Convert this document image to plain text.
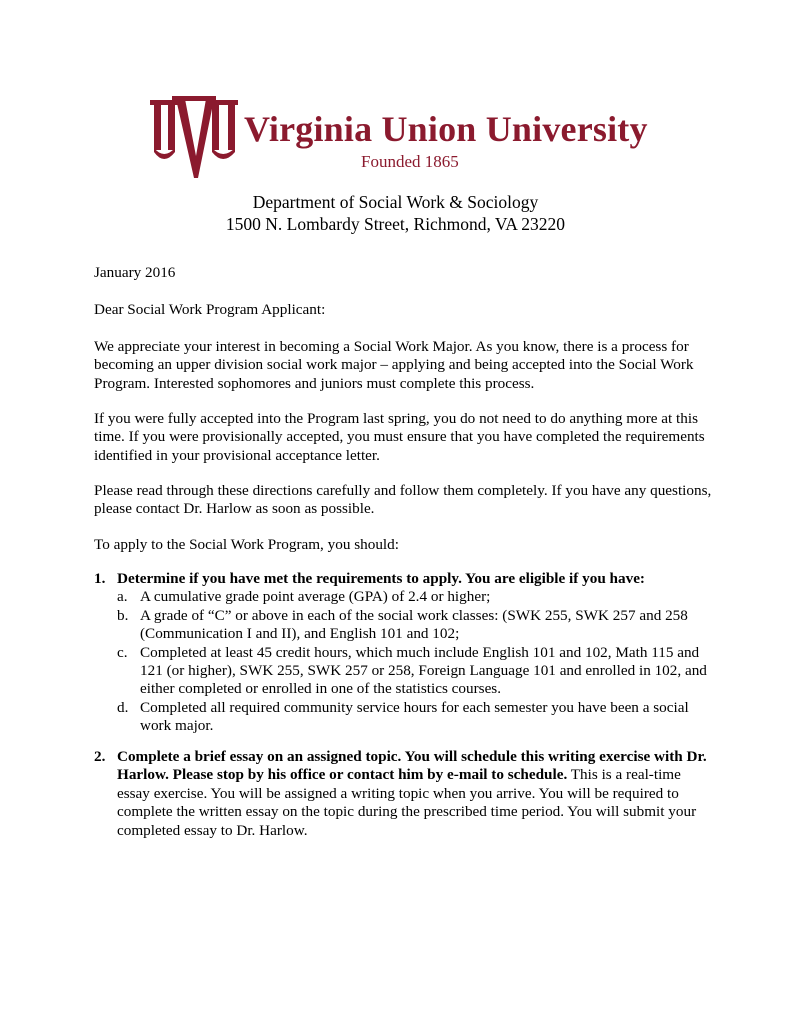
Virginia Union University
Founded 1865
Department of Social Work & Sociology
1500 N. Lombardy Street, Richmond, VA 23220
January 2016
Dear Social Work Program Applicant:
We appreciate your interest in becoming a Social Work Major. As you know, there is a process for becoming an upper division social work major – applying and being accepted into the Social Work Program. Interested sophomores and juniors must complete this process.
If you were fully accepted into the Program last spring, you do not need to do anything more at this time. If you were provisionally accepted, you must ensure that you have completed the requirements identified in your provisional acceptance letter.
Please read through these directions carefully and follow them completely. If you have any questions, please contact Dr. Harlow as soon as possible.
To apply to the Social Work Program, you should:
1. Determine if you have met the requirements to apply. You are eligible if you have:
a. A cumulative grade point average (GPA) of 2.4 or higher;
b. A grade of “C” or above in each of the social work classes: (SWK 255, SWK 257 and 258 (Communication I and II), and English 101 and 102;
c. Completed at least 45 credit hours, which much include English 101 and 102, Math 115 and 121 (or higher), SWK 255, SWK 257 or 258, Foreign Language 101 and enrolled in 102, and either completed or enrolled in one of the statistics courses.
d. Completed all required community service hours for each semester you have been a social work major.
2. Complete a brief essay on an assigned topic. You will schedule this writing exercise with Dr. Harlow. Please stop by his office or contact him by e-mail to schedule. This is a real-time essay exercise. You will be assigned a writing topic when you arrive. You will be required to complete the written essay on the topic during the prescribed time period. You will submit your completed essay to Dr. Harlow.
